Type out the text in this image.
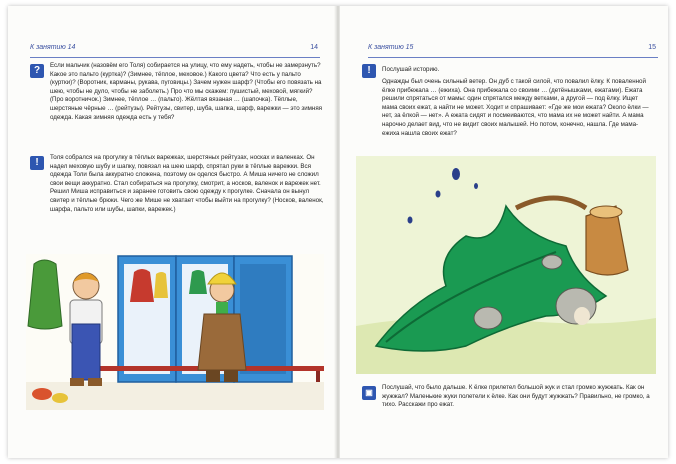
К занятию 14	14
?	Если мальчик (назовём его Толя) собирается на улицу, что ему надеть, чтобы не замерзнуть? Какое это пальто (куртка)? (Зимнее, тёплое, меховое.) Какого цвета? Что есть у пальто (куртки)? (Воротник, карманы, рукава, пуговицы.) Зачем нужен шарф? (Чтобы его повязать на шею, чтобы не дуло, чтобы не заболеть.) Про что мы скажем: пушистый, меховой, мягкий? (Про воротничок.) Зимнее, тёплое … (пальто). Жёлтая вязаная … (шапочка). Тёплые, шерстяные чёрные … (рейтузы). Рейтузы, свитер, шуба, шапка, шарф, варежки — это зимняя одежда. Какая зимняя одежда есть у тебя?
!	Толя собрался на прогулку в тёплых варежках, шерстяных рейтузах, носках и валенках. Он надел меховую шубу и шапку, повязал на шею шарф, спрятал руки в тёплые варежки. Вся одежда Толи была аккуратно сложена, поэтому он оделся быстро. А Миша ничего не сложил свои вещи аккуратно. Стал собираться на прогулку, смотрит, а носков, валенок и варежек нет. Решил Миша исправиться и заранее готовить свою одежду к прогулке. Сначала он вынул свитер и тёплые брюки. Чего же Мише не хватает чтобы выйти на прогулку? (Носков, валенок, шарфа, пальто или шубы, шапки, варежек.)
К занятию 15	15
!	Послушай историю.
Однажды был очень сильный ветер. Он дуб с такой силой, что повалил ёлку. К поваленной ёлке прибежала … (ежиха). Она прибежала со своими … (детёнышками, ежатами). Ежата решили спрятаться от мамы: один спрятался между ветками, а другой — под ёлку. Ищет мама своих ежат, а найти не может. Ходит и спрашивает: «Где же мои ежата? Около ёлки — нет, за ёлкой — нет». А ежата сидят и посмеиваются, что мама их не может найти. А мама нарочно делает вид, что не видит своих малышей. Но потом, конечно, нашла. Где мама-ежиха нашла своих ежат?
▣
Послушай, что было дальше. К ёлке прилетел большой жук и стал громко жужжать. Как он жужжал? Маленькие жуки полетели к ёлке. Как они будут жужжать? Правильно, не громко, а тихо. Расскажи про ежат.
